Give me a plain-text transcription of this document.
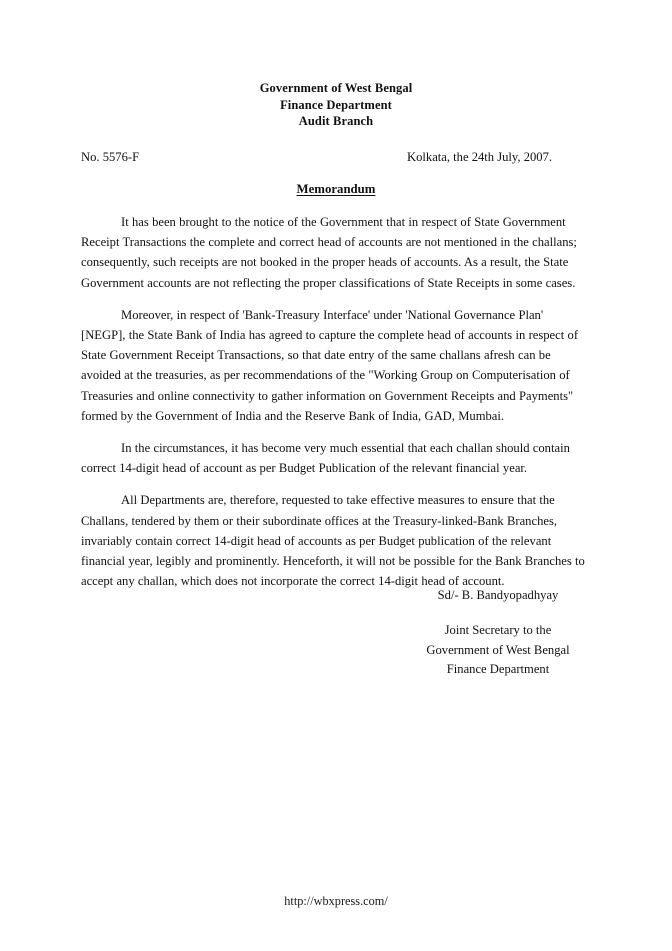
Government of West Bengal
Finance Department
Audit Branch
No. 5576-F	Kolkata, the 24th July, 2007.
Memorandum

It has been brought to the notice of the Government that in respect of State Government Receipt Transactions the complete and correct head of accounts are not mentioned in the challans; consequently, such receipts are not booked in the proper heads of accounts. As a result, the State Government accounts are not reflecting the proper classifications of State Receipts in some cases.

Moreover, in respect of 'Bank-Treasury Interface' under 'National Governance Plan' [NEGP], the State Bank of India has agreed to capture the complete head of accounts in respect of State Government Receipt Transactions, so that date entry of the same challans afresh can be avoided at the treasuries, as per recommendations of the "Working Group on Computerisation of Treasuries and online connectivity to gather information on Government Receipts and Payments" formed by the Government of India and the Reserve Bank of India, GAD, Mumbai.

In the circumstances, it has become very much essential that each challan should contain correct 14-digit head of account as per Budget Publication of the relevant financial year.

All Departments are, therefore, requested to take effective measures to ensure that the Challans, tendered by them or their subordinate offices at the Treasury-linked-Bank Branches, invariably contain correct 14-digit head of accounts as per Budget publication of the relevant financial year, legibly and prominently. Henceforth, it will not be possible for the Bank Branches to accept any challan, which does not incorporate the correct 14-digit head of account.

Sd/- B. Bandyopadhyay
Joint Secretary to the
Government of West Bengal
Finance Department
http://wbxpress.com/
